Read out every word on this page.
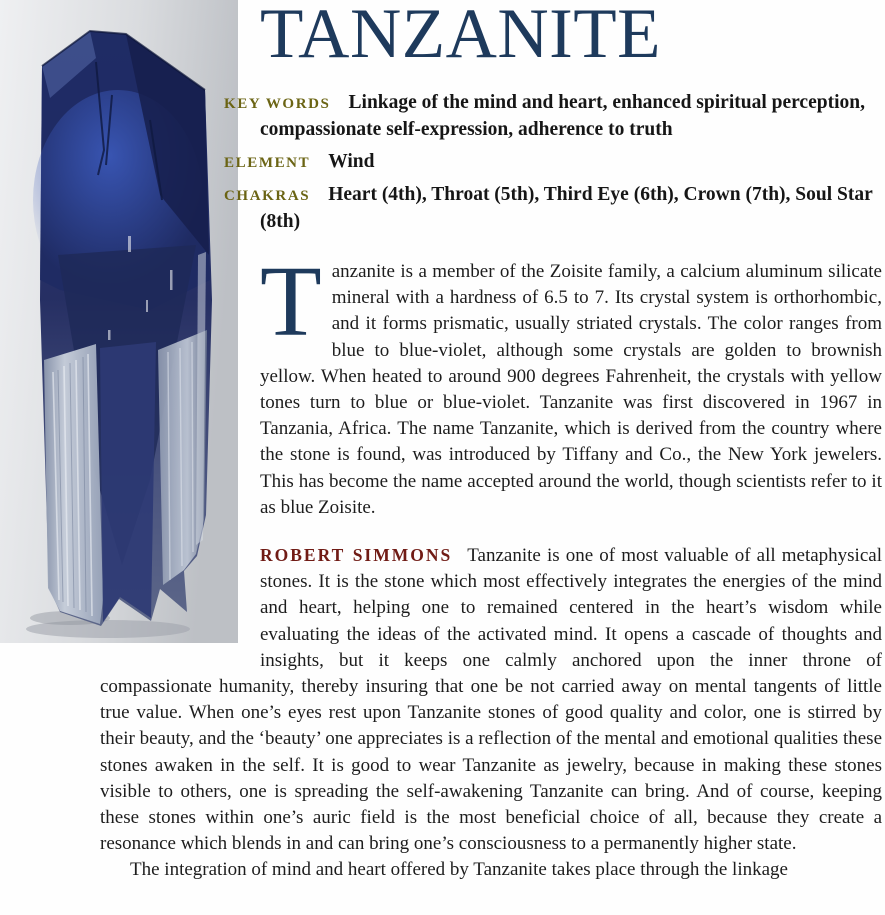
TANZANITE

KEY WORDS Linkage of the mind and heart, enhanced spiritual perception, compassionate self-expression, adherence to truth

ELEMENT Wind

CHAKRAS Heart (4th), Throat (5th), Third Eye (6th), Crown (7th), Soul Star (8th)

Tanzanite is a member of the Zoisite family, a calcium aluminum silicate mineral with a hardness of 6.5 to 7. Its crystal system is orthorhombic, and it forms prismatic, usually striated crystals. The color ranges from blue to blue-violet, although some crystals are golden to brownish yellow. When heated to around 900 degrees Fahrenheit, the crystals with yellow tones turn to blue or blue-violet. Tanzanite was first discovered in 1967 in Tanzania, Africa. The name Tanzanite, which is derived from the country where the stone is found, was introduced by Tiffany and Co., the New York jewelers. This has become the name accepted around the world, though scientists refer to it as blue Zoisite.

ROBERT SIMMONS Tanzanite is one of most valuable of all metaphysical stones. It is the stone which most effectively integrates the energies of the mind and heart, helping one to remained centered in the heart’s wisdom while evaluating the ideas of the activated mind. It opens a cascade of thoughts and insights, but it keeps one calmly anchored upon the inner throne of compassionate humanity, thereby insuring that one be not carried away on mental tangents of little true value. When one’s eyes rest upon Tanzanite stones of good quality and color, one is stirred by their beauty, and the ‘beauty’ one appreciates is a reflection of the mental and emotional qualities these stones awaken in the self. It is good to wear Tanzanite as jewelry, because in making these stones visible to others, one is spreading the self-awakening Tanzanite can bring. And of course, keeping these stones within one’s auric field is the most beneficial choice of all, because they create a resonance which blends in and can bring one’s consciousness to a permanently higher state.

The integration of mind and heart offered by Tanzanite takes place through the linkage
